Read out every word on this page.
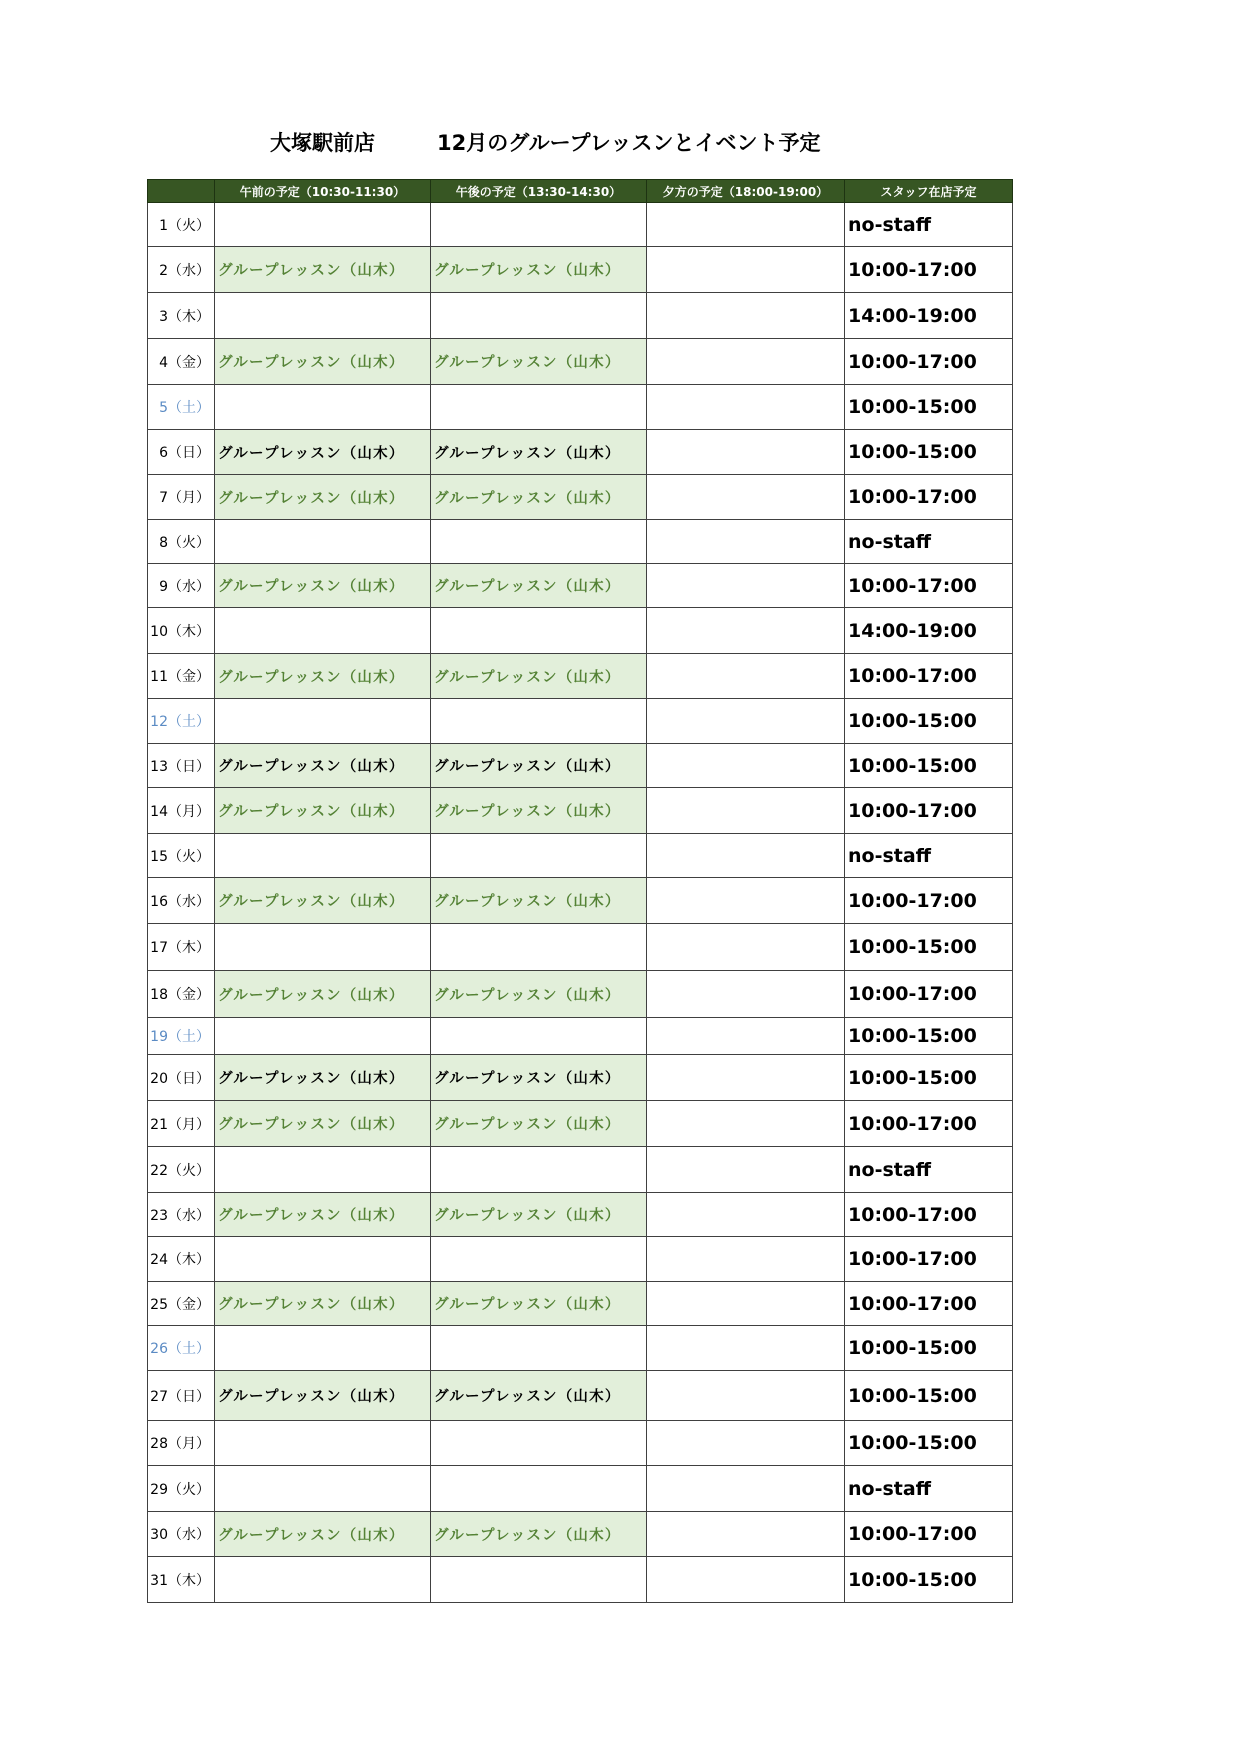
大塚駅前店	12月のグループレッスンとイベント予定
	午前の予定（10:30-11:30）	午後の予定（13:30-14:30）	夕方の予定（18:00-19:00）	スタッフ在店予定
1（火）				no-staff
2（水）	グループレッスン（山木）	グループレッスン（山木）		10:00-17:00
3（木）				14:00-19:00
4（金）	グループレッスン（山木）	グループレッスン（山木）		10:00-17:00
5（土）				10:00-15:00
6（日）	グループレッスン（山木）	グループレッスン（山木）		10:00-15:00
7（月）	グループレッスン（山木）	グループレッスン（山木）		10:00-17:00
8（火）				no-staff
9（水）	グループレッスン（山木）	グループレッスン（山木）		10:00-17:00
10（木）				14:00-19:00
11（金）	グループレッスン（山木）	グループレッスン（山木）		10:00-17:00
12（土）				10:00-15:00
13（日）	グループレッスン（山木）	グループレッスン（山木）		10:00-15:00
14（月）	グループレッスン（山木）	グループレッスン（山木）		10:00-17:00
15（火）				no-staff
16（水）	グループレッスン（山木）	グループレッスン（山木）		10:00-17:00
17（木）				10:00-15:00
18（金）	グループレッスン（山木）	グループレッスン（山木）		10:00-17:00
19（土）				10:00-15:00
20（日）	グループレッスン（山木）	グループレッスン（山木）		10:00-15:00
21（月）	グループレッスン（山木）	グループレッスン（山木）		10:00-17:00
22（火）				no-staff
23（水）	グループレッスン（山木）	グループレッスン（山木）		10:00-17:00
24（木）				10:00-17:00
25（金）	グループレッスン（山木）	グループレッスン（山木）		10:00-17:00
26（土）				10:00-15:00
27（日）	グループレッスン（山木）	グループレッスン（山木）		10:00-15:00
28（月）				10:00-15:00
29（火）				no-staff
30（水）	グループレッスン（山木）	グループレッスン（山木）		10:00-17:00
31（木）				10:00-15:00
